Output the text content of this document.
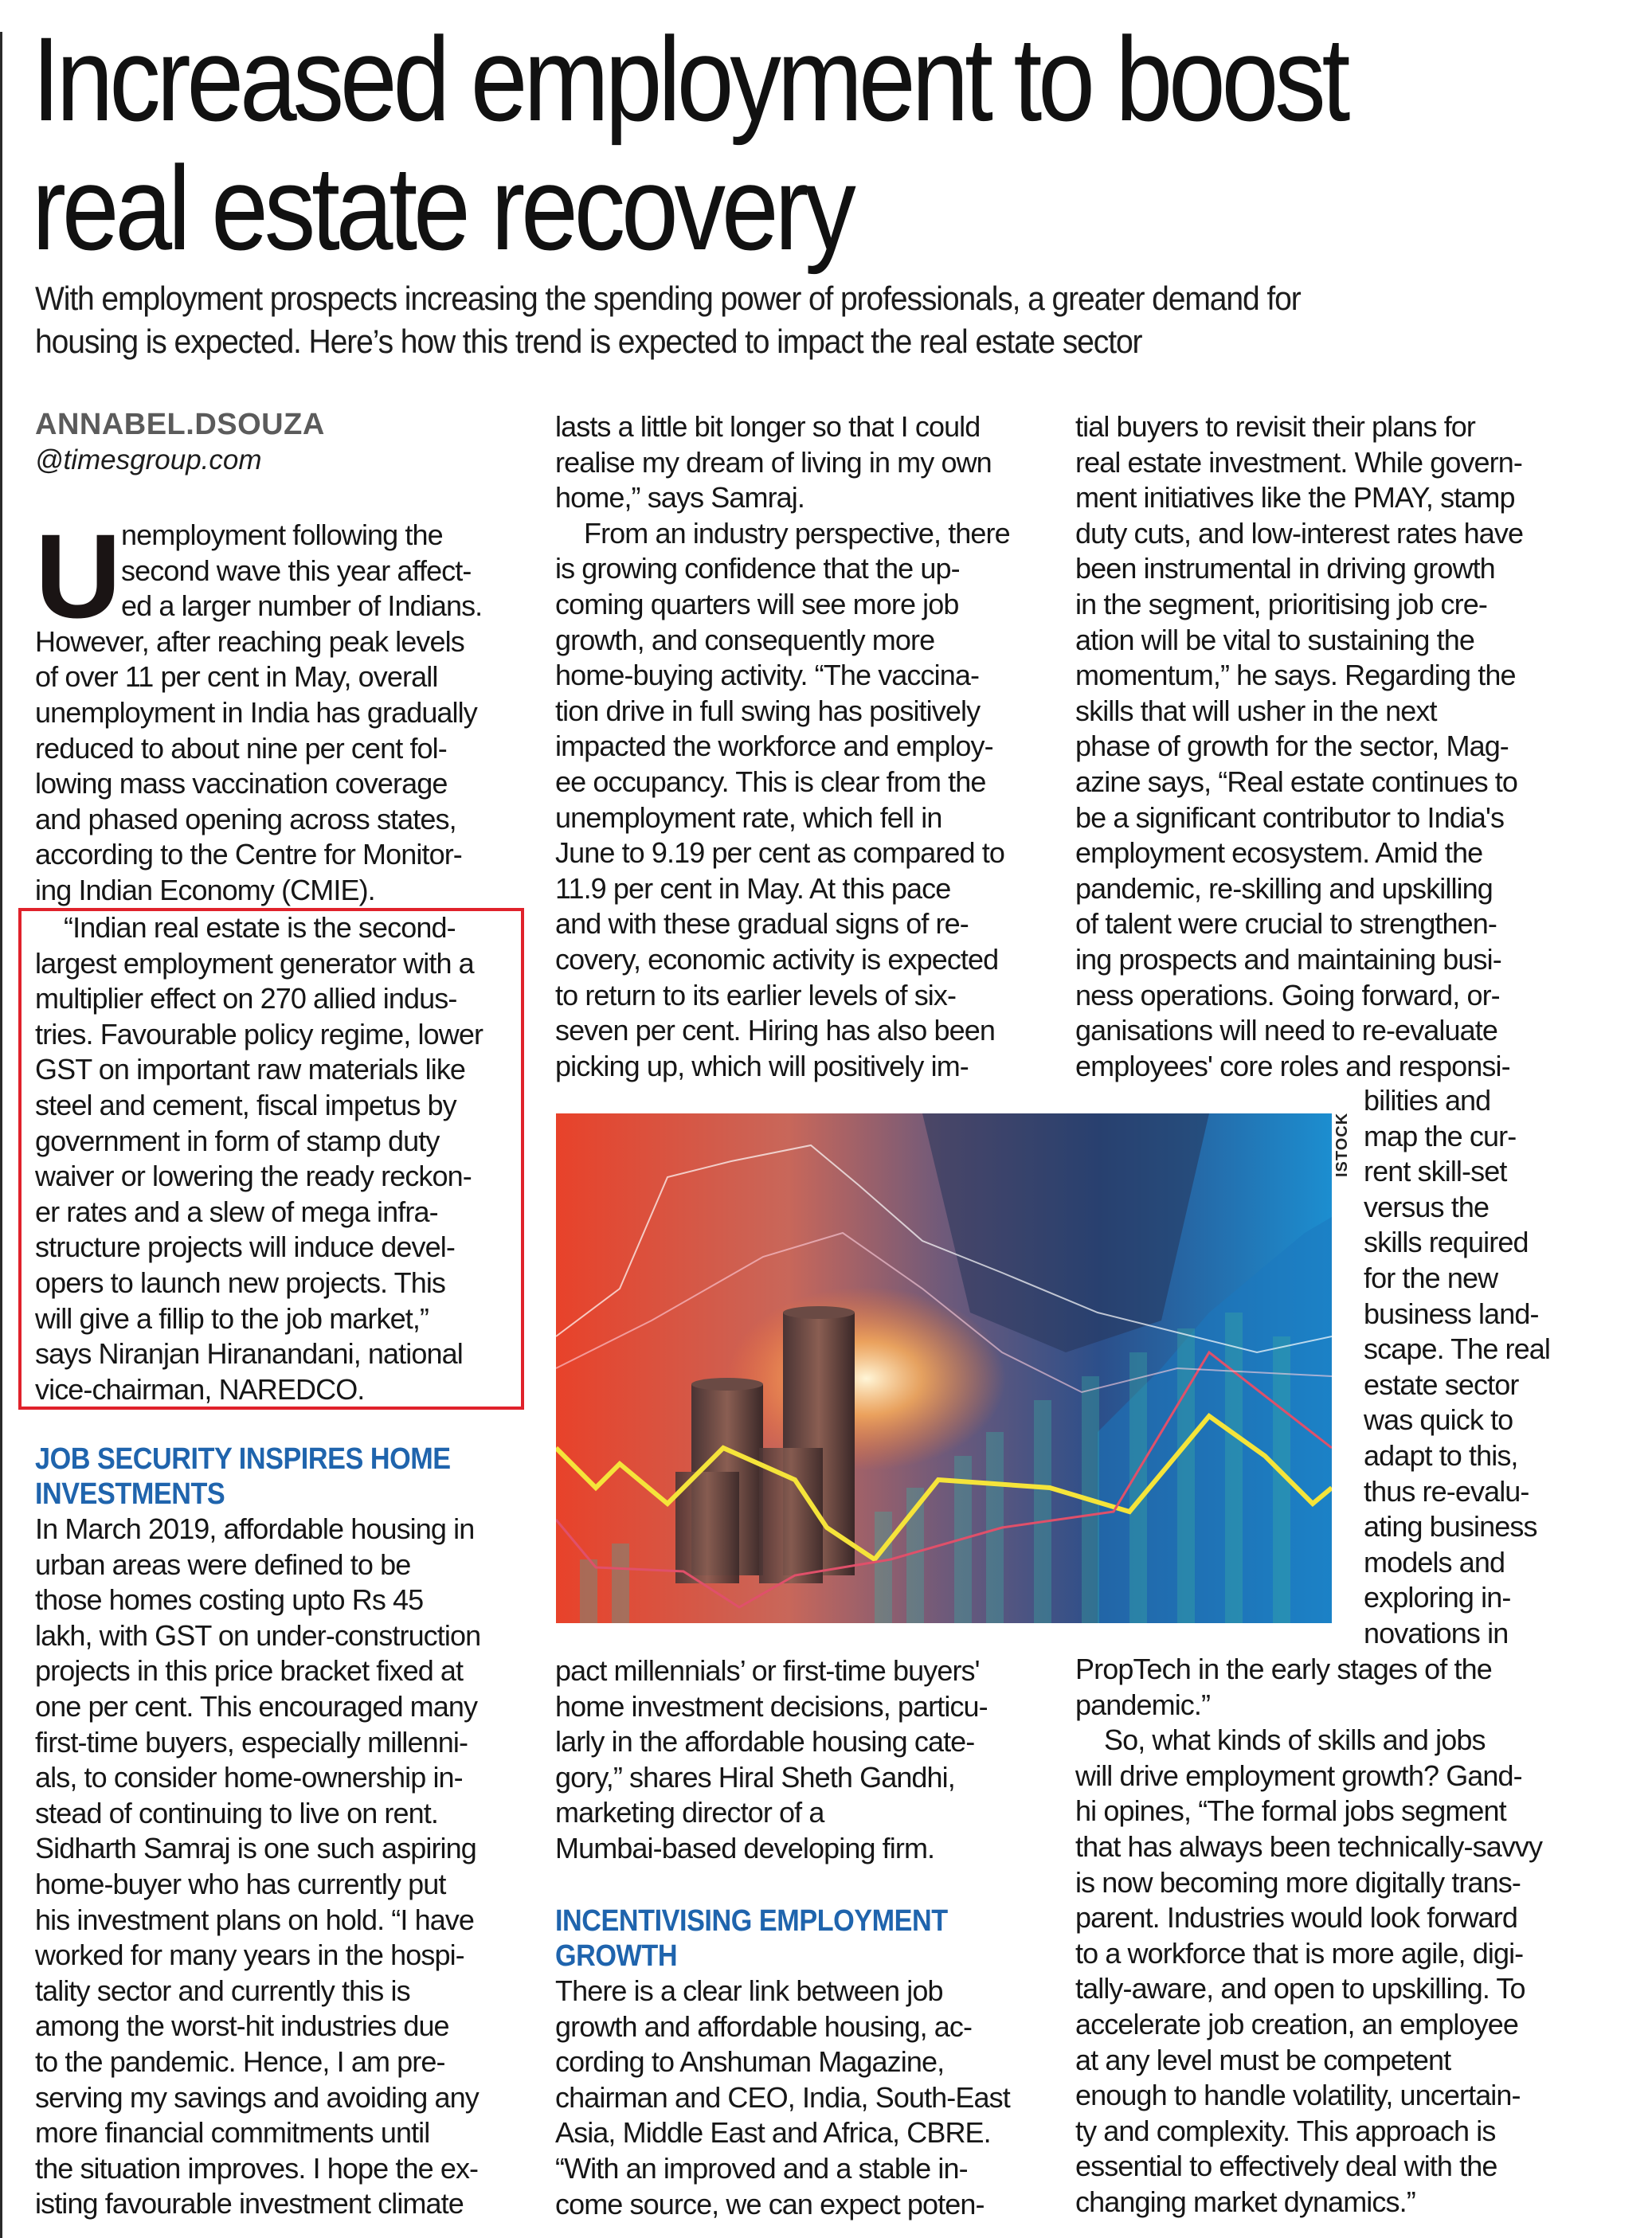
Increased employment to boost
real estate recovery

With employment prospects increasing the spending power of professionals, a greater demand for
housing is expected. Here’s how this trend is expected to impact the real estate sector

ANNABEL.DSOUZA
@timesgroup.com
U nemployment following the
second wave this year affect-
ed a larger number of Indians.
However, after reaching peak levels
of over 11 per cent in May, overall
unemployment in India has gradually
reduced to about nine per cent fol-
lowing mass vaccination coverage
and phased opening across states,
according to the Centre for Monitor-
ing Indian Economy (CMIE).
“Indian real estate is the second-
largest employment generator with a
multiplier effect on 270 allied indus-
tries. Favourable policy regime, lower
GST on important raw materials like
steel and cement, fiscal impetus by
government in form of stamp duty
waiver or lowering the ready reckon-
er rates and a slew of mega infra-
structure projects will induce devel-
opers to launch new projects. This
will give a fillip to the job market,”
says Niranjan Hiranandani, national
vice-chairman, NAREDCO.
JOB SECURITY INSPIRES HOME
INVESTMENTS
In March 2019, affordable housing in
urban areas were defined to be
those homes costing upto Rs 45
lakh, with GST on under-construction
projects in this price bracket fixed at
one per cent. This encouraged many
first-time buyers, especially millenni-
als, to consider home-ownership in-
stead of continuing to live on rent.
Sidharth Samraj is one such aspiring
home-buyer who has currently put
his investment plans on hold. “I have
worked for many years in the hospi-
tality sector and currently this is
among the worst-hit industries due
to the pandemic. Hence, I am pre-
serving my savings and avoiding any
more financial commitments until
the situation improves. I hope the ex-
isting favourable investment climate
lasts a little bit longer so that I could
realise my dream of living in my own
home,” says Samraj.
From an industry perspective, there
is growing confidence that the up-
coming quarters will see more job
growth, and consequently more
home-buying activity. “The vaccina-
tion drive in full swing has positively
impacted the workforce and employ-
ee occupancy. This is clear from the
unemployment rate, which fell in
June to 9.19 per cent as compared to
11.9 per cent in May. At this pace
and with these gradual signs of re-
covery, economic activity is expected
to return to its earlier levels of six-
seven per cent. Hiring has also been
picking up, which will positively im-
ISTOCK
pact millennials’ or first-time buyers'
home investment decisions, particu-
larly in the affordable housing cate-
gory,” shares Hiral Sheth Gandhi,
marketing director of a
Mumbai-based developing firm.
INCENTIVISING EMPLOYMENT
GROWTH
There is a clear link between job
growth and affordable housing, ac-
cording to Anshuman Magazine,
chairman and CEO, India, South-East
Asia, Middle East and Africa, CBRE.
“With an improved and a stable in-
come source, we can expect poten-
tial buyers to revisit their plans for
real estate investment. While govern-
ment initiatives like the PMAY, stamp
duty cuts, and low-interest rates have
been instrumental in driving growth
in the segment, prioritising job cre-
ation will be vital to sustaining the
momentum,” he says. Regarding the
skills that will usher in the next
phase of growth for the sector, Mag-
azine says, “Real estate continues to
be a significant contributor to India's
employment ecosystem. Amid the
pandemic, re-skilling and upskilling
of talent were crucial to strengthen-
ing prospects and maintaining busi-
ness operations. Going forward, or-
ganisations will need to re-evaluate
employees' core roles and responsi-
bilities and
map the cur-
rent skill-set
versus the
skills required
for the new
business land-
scape. The real
estate sector
was quick to
adapt to this,
thus re-evalu-
ating business
models and
exploring in-
novations in
PropTech in the early stages of the
pandemic.”
So, what kinds of skills and jobs
will drive employment growth? Gand-
hi opines, “The formal jobs segment
that has always been technically-savvy
is now becoming more digitally trans-
parent. Industries would look forward
to a workforce that is more agile, digi-
tally-aware, and open to upskilling. To
accelerate job creation, an employee
at any level must be competent
enough to handle volatility, uncertain-
ty and complexity. This approach is
essential to effectively deal with the
changing market dynamics.”
